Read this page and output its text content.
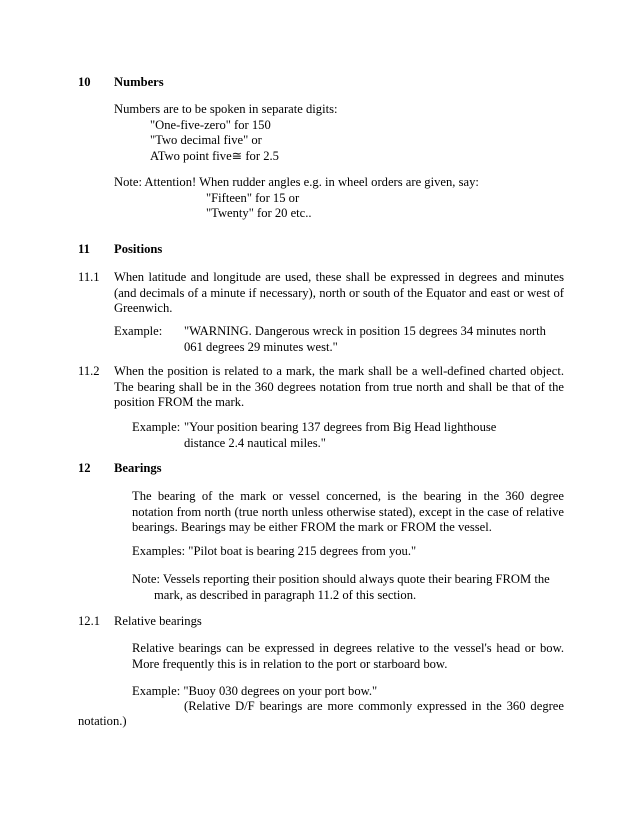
10 Numbers
Numbers are to be spoken in separate digits:
"One-five-zero" for 150
"Two decimal five" or
ATwo point five≅ for 2.5
Note: Attention! When rudder angles e.g. in wheel orders are given, say:
"Fifteen" for 15 or
"Twenty" for 20 etc..
11 Positions
11.1 When latitude and longitude are used, these shall be expressed in degrees and minutes (and decimals of a minute if necessary), north or south of the Equator and east or west of Greenwich.
Example: "WARNING. Dangerous wreck in position 15 degrees 34 minutes north
061 degrees 29 minutes west."
11.2 When the position is related to a mark, the mark shall be a well-defined charted object. The bearing shall be in the 360 degrees notation from true north and shall be that of the position FROM the mark.
Example: "Your position bearing 137 degrees from Big Head lighthouse
distance 2.4 nautical miles."
12 Bearings
The bearing of the mark or vessel concerned, is the bearing in the 360 degree notation from north (true north unless otherwise stated), except in the case of relative bearings. Bearings may be either FROM the mark or FROM the vessel.
Examples: "Pilot boat is bearing 215 degrees from you."
Note: Vessels reporting their position should always quote their bearing FROM the
mark, as described in paragraph 11.2 of this section.
12.1 Relative bearings
Relative bearings can be expressed in degrees relative to the vessel's head or bow. More frequently this is in relation to the port or starboard bow.
Example: "Buoy 030 degrees on your port bow."
(Relative D/F bearings are more commonly expressed in the 360 degree
notation.)
